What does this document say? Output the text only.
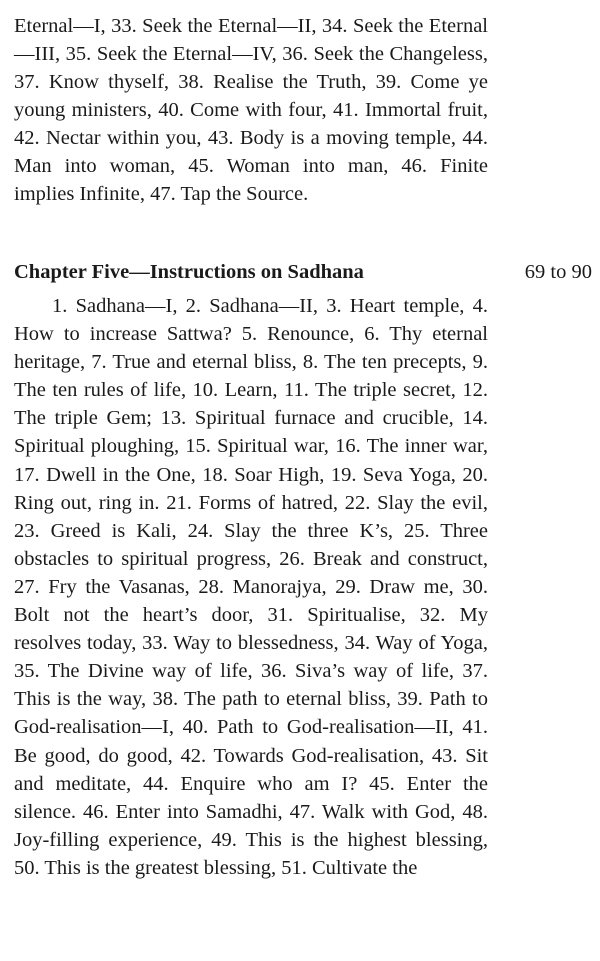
Eternal—I, 33. Seek the Eternal—II, 34. Seek the Eternal—III, 35. Seek the Eternal—IV, 36. Seek the Changeless, 37. Know thyself, 38. Realise the Truth, 39. Come ye young ministers, 40. Come with four, 41. Immortal fruit, 42. Nectar within you, 43. Body is a moving temple, 44. Man into woman, 45. Woman into man, 46. Finite implies Infinite, 47. Tap the Source.

Chapter Five—Instructions on Sadhana	69 to 90

1. Sadhana—I, 2. Sadhana—II, 3. Heart temple, 4. How to increase Sattwa? 5. Renounce, 6. Thy eternal heritage, 7. True and eternal bliss, 8. The ten precepts, 9. The ten rules of life, 10. Learn, 11. The triple secret, 12. The triple Gem; 13. Spiritual furnace and crucible, 14. Spiritual ploughing, 15. Spiritual war, 16. The inner war, 17. Dwell in the One, 18. Soar High, 19. Seva Yoga, 20. Ring out, ring in. 21. Forms of hatred, 22. Slay the evil, 23. Greed is Kali, 24. Slay the three K’s, 25. Three obstacles to spiritual progress, 26. Break and construct, 27. Fry the Vasanas, 28. Manorajya, 29. Draw me, 30. Bolt not the heart’s door, 31. Spiritualise, 32. My resolves today, 33. Way to blessedness, 34. Way of Yoga, 35. The Divine way of life, 36. Siva’s way of life, 37. This is the way, 38. The path to eternal bliss, 39. Path to God-realisation—I, 40. Path to God-realisation—II, 41. Be good, do good, 42. Towards God-realisation, 43. Sit and meditate, 44. Enquire who am I? 45. Enter the silence. 46. Enter into Samadhi, 47. Walk with God, 48. Joy-filling experience, 49. This is the highest blessing, 50. This is the greatest blessing, 51. Cultivate the
